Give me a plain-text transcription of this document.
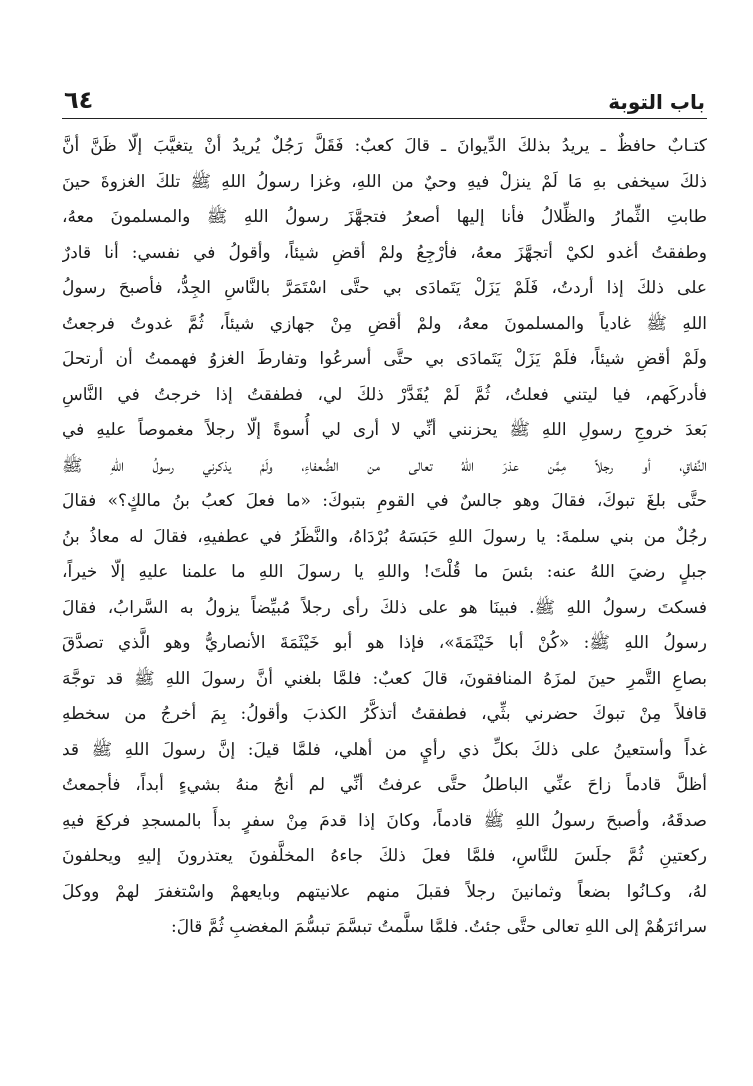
باب التوبة
٦٤
كتـابٌ حافظٌ ـ يريدُ بذلكَ الدِّيوانَ ـ قالَ كعبٌ: فَقَلَّ رَجُلٌ يُريدُ أنْ يتغيَّبَ إلّا ظَنَّ أنَّ
ذلكَ سيخفى بهِ مَا لَمْ ينزلْ فيهِ وحيٌ من اللهِ، وغزا رسولُ اللهِ ﷺ تلكَ الغزوةَ حينَ
طابتِ الثِّمارُ والظِّلالُ فأنا إليها أصعرُ فتجهَّزَ رسولُ اللهِ ﷺ والمسلمونَ معهُ،
وطفقتُ أغدو لكيْ أتجهَّزَ معهُ، فأرْجِعُ ولمْ أقضِ شيئاً، وأقولُ في نفسي: أنا قادرٌ
على ذلكَ إذا أردتُ، فَلَمْ يَزَلْ يَتَمادَى بي حتَّى اسْتَمَرَّ بالنَّاسِ الجِدُّ، فأصبحَ رسولُ
اللهِ ﷺ غادياً والمسلمونَ معهُ، ولمْ أقضِ مِنْ جهازي شيئاً، ثُمَّ غدوتُ فرجعتُ
ولَمْ أقضِ شيئاً، فلَمْ يَزَلْ يَتَمادَى بي حتَّى أسرعُوا وتفارطَ الغزوُ فهممتُ أن أرتحلَ
فأدركَهم، فيا ليتني فعلتُ، ثُمَّ لَمْ يُقَدَّرْ ذلكَ لي، فطفقتُ إذا خرجتُ في النَّاسِ
بَعدَ خروجِ رسولِ اللهِ ﷺ يحزنني أنِّي لا أرى لي أُسوةً إلّا رجلاً مغموصاً عليهِ في
النِّفاقِ، أو رجلاً مِمَّن عذرَ اللهُ تعالى من الضُّعفاءِ، ولَمْ يذكرني رسولُ اللهِ ﷺ
حتَّى بلغَ تبوكَ، فقالَ وهو جالسٌ في القومِ بتبوكَ: «ما فعلَ كعبُ بنُ مالكٍ؟» فقالَ
رجُلٌ من بني سلمةَ: يا رسولَ اللهِ حَبَسَهُ بُرْدَاهُ، والنَّظَرُ في عطفيهِ، فقالَ له معاذُ بنُ
جبلٍ رضيَ اللهُ عنه: بئسَ ما قُلْتَ! واللهِ يا رسولَ اللهِ ما علمنا عليهِ إلّا خيراً،
فسكتَ رسولُ اللهِ ﷺ. فبينَا هو على ذلكَ رأى رجلاً مُبيِّضاً يزولُ به السَّرابُ، فقالَ
رسولُ اللهِ ﷺ: «كُنْ أبا خَيْثَمَةَ»، فإذا هو أبو خَيْثَمَةَ الأنصاريُّ وهو الَّذي تصدَّقَ
بصاعِ التَّمرِ حينَ لمزَهُ المنافقونَ، قالَ كعبٌ: فلمَّا بلغني أنَّ رسولَ اللهِ ﷺ قد توجَّهَ
قافلاً مِنْ تبوكَ حضرني بثِّي، فطفقتُ أتذكَّرُ الكذبَ وأقولُ: بِمَ أخرجُ من سخطهِ
غداً وأستعينُ على ذلكَ بكلِّ ذي رأيٍ من أهلي، فلمَّا قيلَ: إنَّ رسولَ اللهِ ﷺ قد
أظلَّ قادماً زاحَ عنِّي الباطلُ حتَّى عرفتُ أنِّي لم أنجُ منهُ بشيءٍ أبداً، فأجمعتُ
صدقَهُ، وأصبحَ رسولُ اللهِ ﷺ قادماً، وكانَ إذا قدمَ مِنْ سفرٍ بدأَ بالمسجدِ فركعَ فيهِ
ركعتينِ ثُمَّ جلَسَ للنَّاسِ، فلمَّا فعلَ ذلكَ جاءهُ المخلَّفونَ يعتذرونَ إليهِ ويحلفونَ
لهُ، وكـانُوا بضعاً وثمانينَ رجلاً فقبلَ منهم علانيتهم وبايعهمْ واسْتغفرَ لهمْ ووكلَ
سرائرَهُمْ إلى اللهِ تعالى حتَّى جئتُ. فلمَّا سلَّمتُ تبسَّمَ تبسُّمَ المغضبِ ثُمَّ قالَ:
